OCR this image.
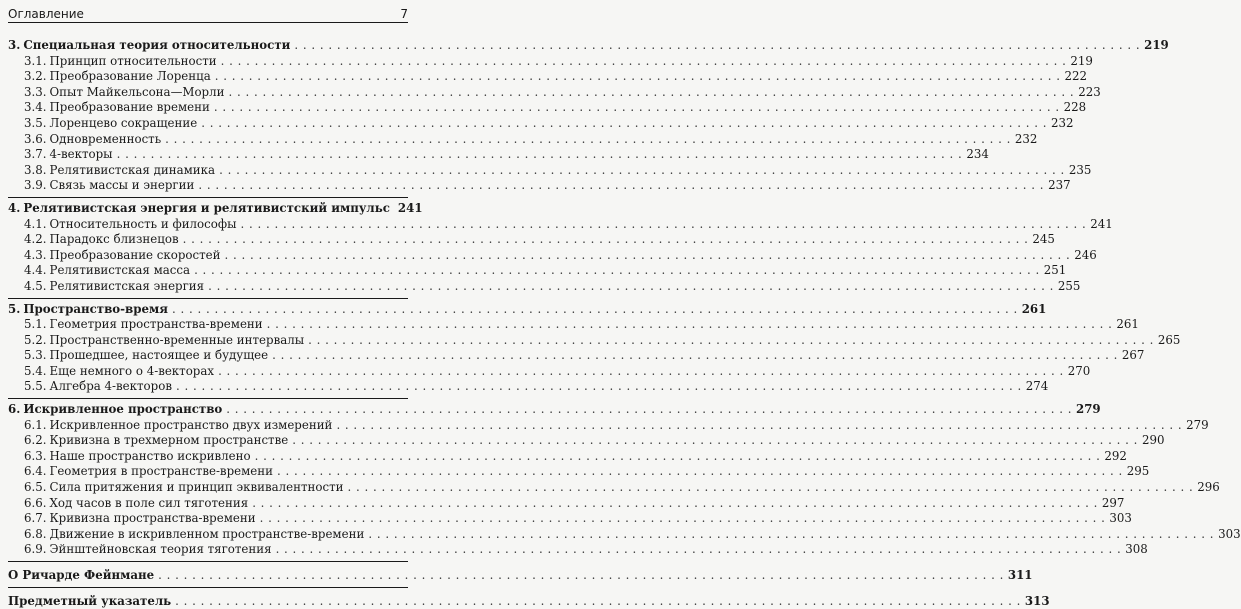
Оглавление	7
3. Специальная теория относительности . . .	219
3.1. Принцип относительности . . .	219
3.2. Преобразование Лоренца . . .	222
3.3. Опыт Майкельсона—Морли . . .	223
3.4. Преобразование времени . . .	228
3.5. Лоренцево сокращение . . .	232
3.6. Одновременность . . .	232
3.7. 4-векторы . . .	234
3.8. Релятивистская динамика . . .	235
3.9. Связь массы и энергии . . .	237
4. Релятивистская энергия и релятивистский импульс 241
4.1. Относительность и философы . . .	241
4.2. Парадокс близнецов . . .	245
4.3. Преобразование скоростей . . .	246
4.4. Релятивистская масса . . .	251
4.5. Релятивистская энергия . . .	255
5. Пространство-время . . .	261
5.1. Геометрия пространства-времени . . .	261
5.2. Пространственно-временные интервалы . . .	265
5.3. Прошедшее, настоящее и будущее . . .	267
5.4. Еще немного о 4-векторах . . .	270
5.5. Алгебра 4-векторов . . .	274
6. Искривленное пространство . . .	279
6.1. Искривленное пространство двух измерений . . .	279
6.2. Кривизна в трехмерном пространстве . . .	290
6.3. Наше пространство искривлено . . .	292
6.4. Геометрия в пространстве-времени . . .	295
6.5. Сила притяжения и принцип эквивалентности . . .	296
6.6. Ход часов в поле сил тяготения . . .	297
6.7. Кривизна пространства-времени . . .	303
6.8. Движение в искривленном пространстве-времени . . .	303
6.9. Эйнштейновская теория тяготения . . .	308
О Ричарде Фейнмане . . .	311
Предметный указатель . . .	313
